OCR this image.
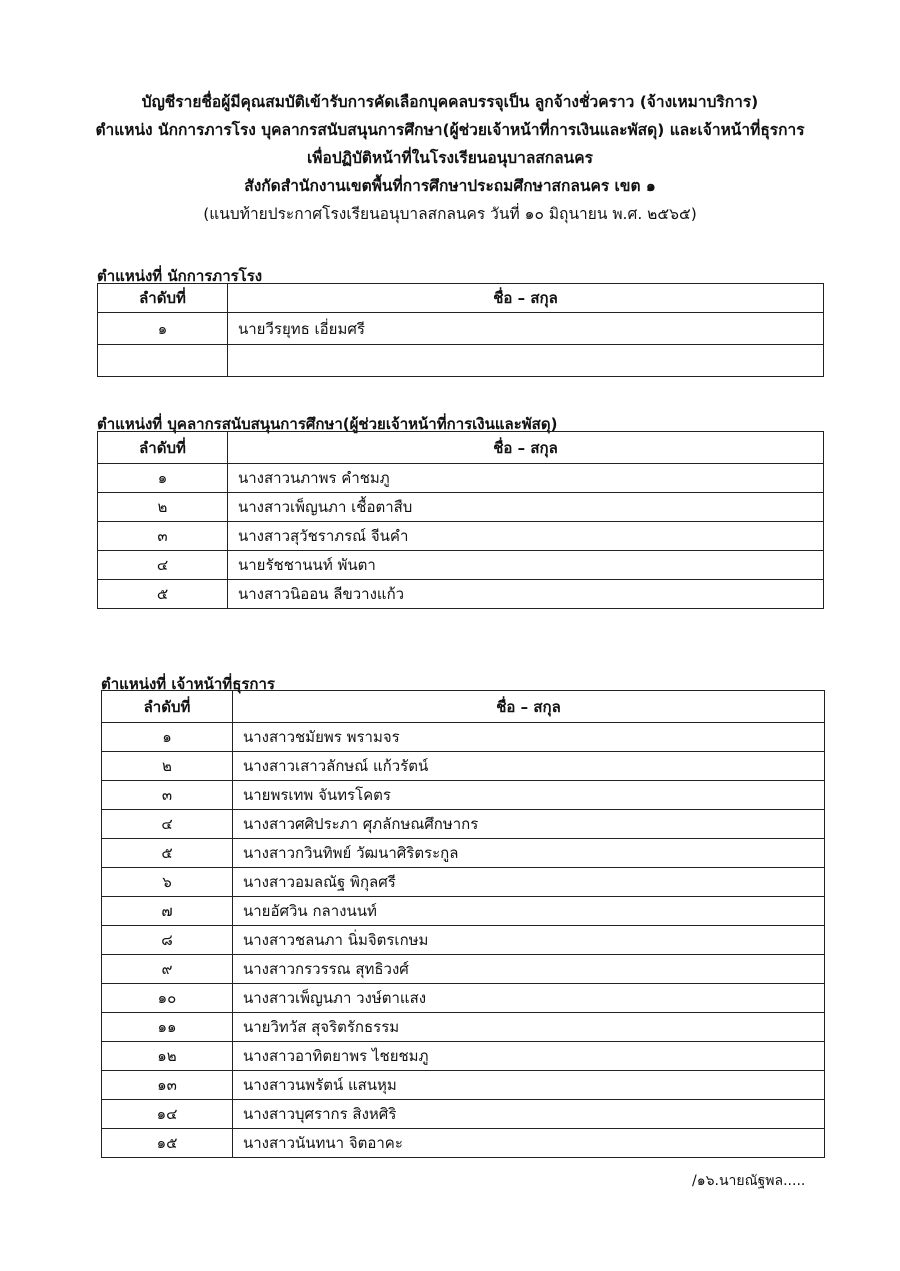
บัญชีรายชื่อผู้มีคุณสมบัติเข้ารับการคัดเลือกบุคคลบรรจุเป็น ลูกจ้างชั่วคราว (จ้างเหมาบริการ)
ตำแหน่ง นักการภารโรง บุคลากรสนับสนุนการศึกษา(ผู้ช่วยเจ้าหน้าที่การเงินและพัสดุ) และเจ้าหน้าที่ธุรการ
เพื่อปฏิบัติหน้าที่ในโรงเรียนอนุบาลสกลนคร
สังกัดสำนักงานเขตพื้นที่การศึกษาประถมศึกษาสกลนคร เขต ๑
(แนบท้ายประกาศโรงเรียนอนุบาลสกลนคร วันที่ ๑๐ มิถุนายน พ.ศ. ๒๕๖๕)
ตำแหน่งที่ นักการภารโรง
ลำดับที่	ชื่อ – สกุล
๑	นายวีรยุทธ เอี่ยมศรี

ตำแหน่งที่ บุคลากรสนับสนุนการศึกษา(ผู้ช่วยเจ้าหน้าที่การเงินและพัสดุ)
ลำดับที่	ชื่อ – สกุล
๑	นางสาวนภาพร คำชมภู
๒	นางสาวเพ็ญนภา เชื้อตาสืบ
๓	นางสาวสุวัชราภรณ์ จีนคำ
๔	นายรัชชานนท์ พันตา
๕	นางสาวนิออน ลีขวางแก้ว
ตำแหน่งที่ เจ้าหน้าที่ธุรการ
ลำดับที่	ชื่อ – สกุล
๑	นางสาวชมัยพร พรามจร
๒	นางสาวเสาวลักษณ์ แก้วรัตน์
๓	นายพรเทพ จันทรโคตร
๔	นางสาวศศิประภา ศุภลักษณศึกษากร
๕	นางสาวกวินทิพย์ วัฒนาศิริตระกูล
๖	นางสาวอมลณัฐ พิกุลศรี
๗	นายอัศวิน กลางนนท์
๘	นางสาวชลนภา นิ่มจิตรเกษม
๙	นางสาวกรวรรณ สุทธิวงศ์
๑๐	นางสาวเพ็ญนภา วงษ์ตาแสง
๑๑	นายวิทวัส สุจริตรักธรรม
๑๒	นางสาวอาทิตยาพร ไชยชมภู
๑๓	นางสาวนพรัตน์ แสนหุม
๑๔	นางสาวบุศรากร สิงหศิริ
๑๕	นางสาวนันทนา จิตอาคะ
/๑๖.นายณัฐพล.....
